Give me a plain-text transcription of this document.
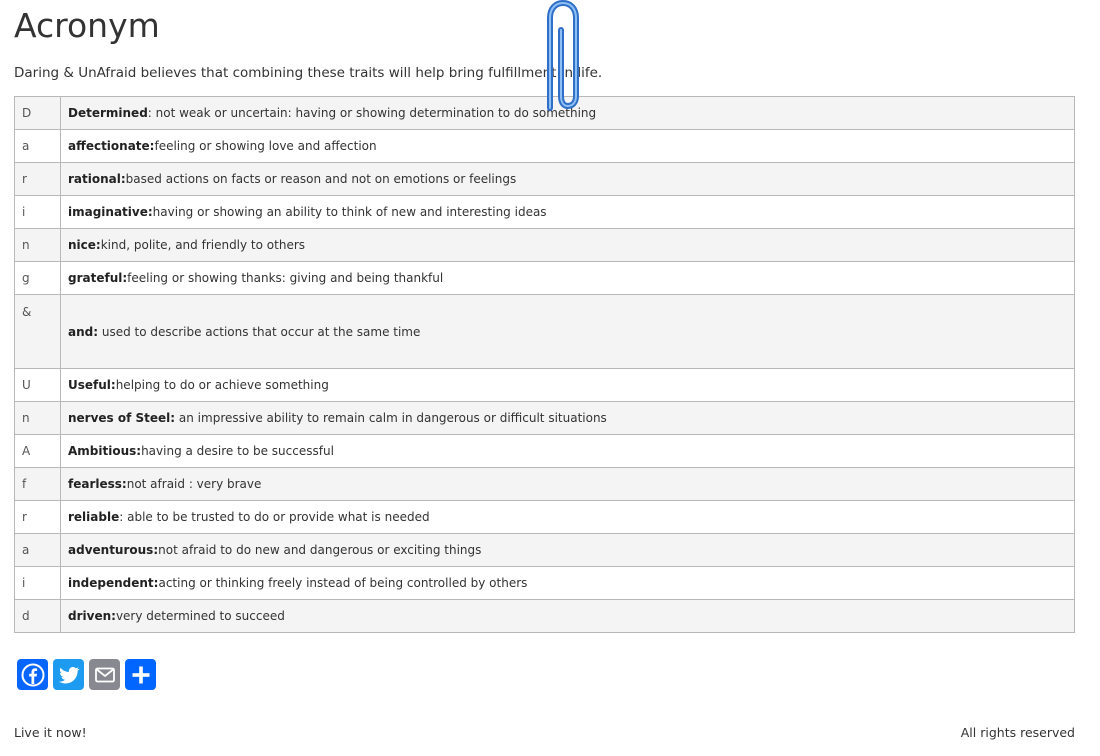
Acronym

Daring & UnAfraid believes that combining these traits will help bring fulfillment in life.

D	Determined: not weak or uncertain: having or showing determination to do something
a	affectionate:feeling or showing love and affection
r	rational:based actions on facts or reason and not on emotions or feelings
i	imaginative:having or showing an ability to think of new and interesting ideas
n	nice:kind, polite, and friendly to others
g	grateful:feeling or showing thanks: giving and being thankful
&	and: used to describe actions that occur at the same time
U	Useful:helping to do or achieve something
n	nerves of Steel: an impressive ability to remain calm in dangerous or difficult situations
A	Ambitious:having a desire to be successful
f	fearless:not afraid : very brave
r	reliable: able to be trusted to do or provide what is needed
a	adventurous:not afraid to do new and dangerous or exciting things
i	independent:acting or thinking freely instead of being controlled by others
d	driven:very determined to succeed
Live it now!	All rights reserved
